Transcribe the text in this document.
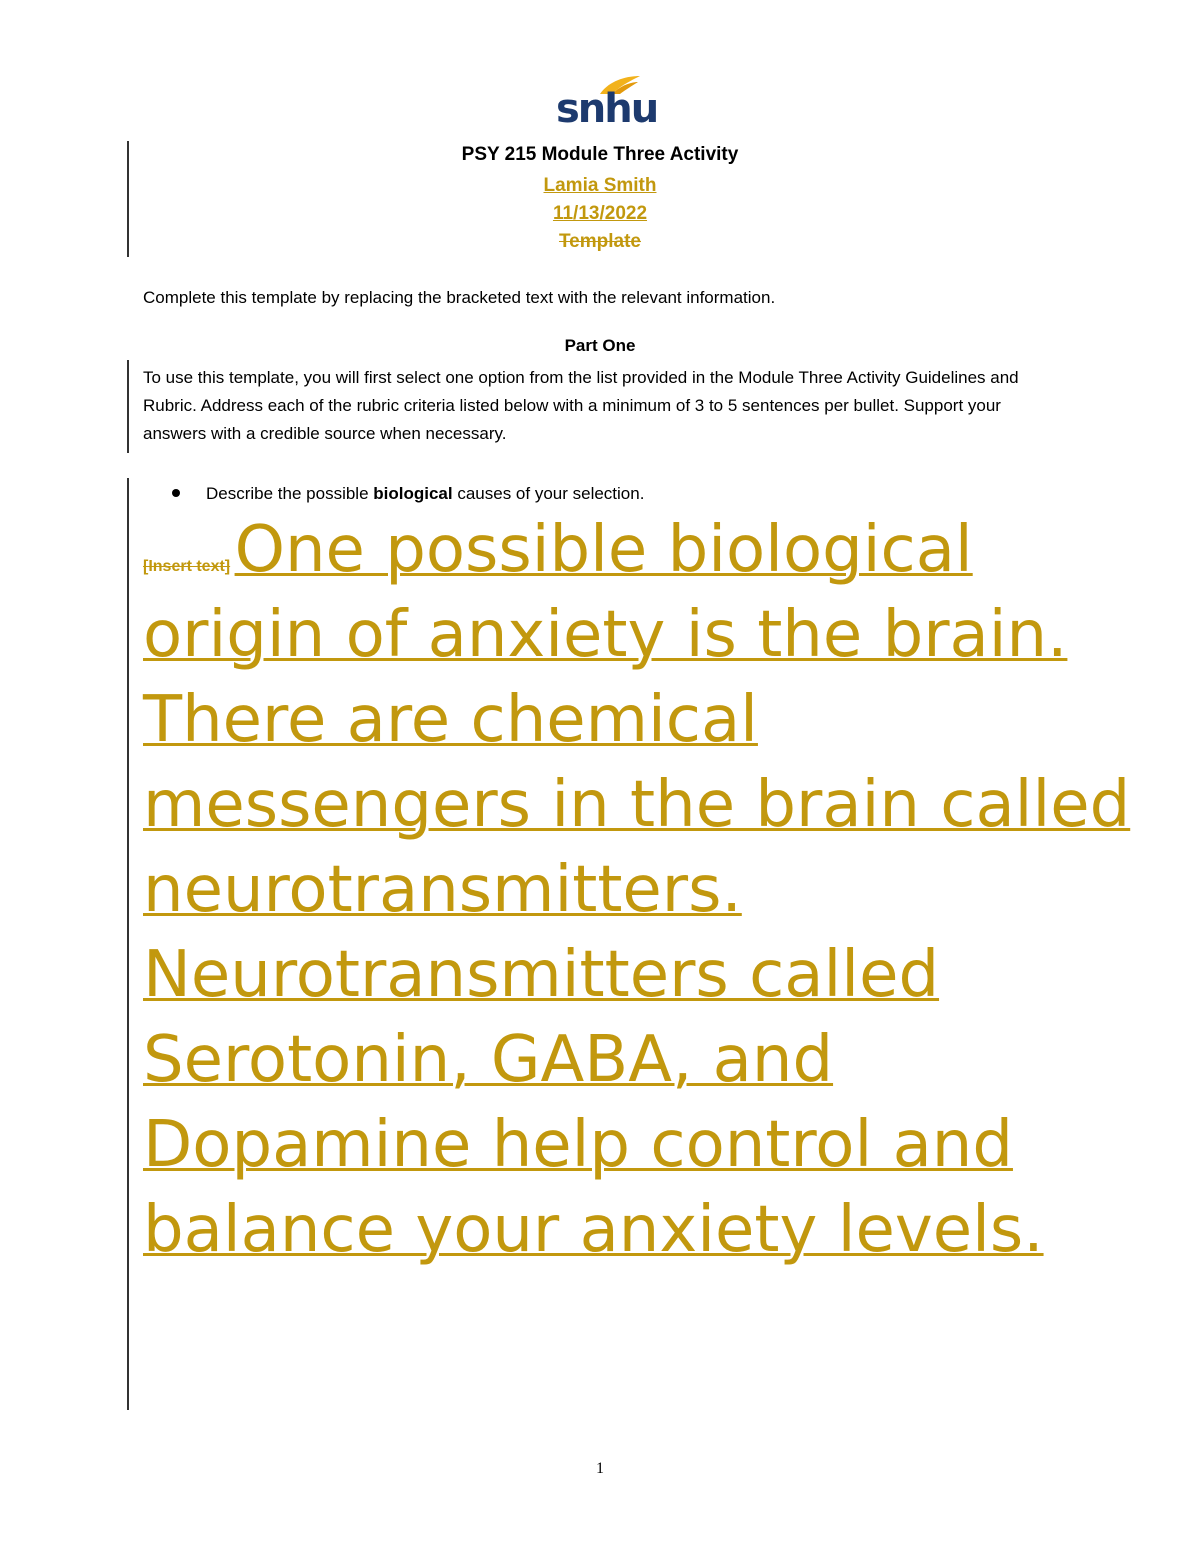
snhu
PSY 215 Module Three Activity
Lamia Smith
11/13/2022
Template
Complete this template by replacing the bracketed text with the relevant information.
Part One
To use this template, you will first select one option from the list provided in the Module Three Activity Guidelines and Rubric. Address each of the rubric criteria listed below with a minimum of 3 to 5 sentences per bullet. Support your answers with a credible source when necessary.
Describe the possible biological causes of your selection.
[Insert text] One possible biological origin of anxiety is the brain. There are chemical messengers in the brain called neurotransmitters. Neurotransmitters called Serotonin, GABA, and Dopamine help control and balance your anxiety levels.
1
